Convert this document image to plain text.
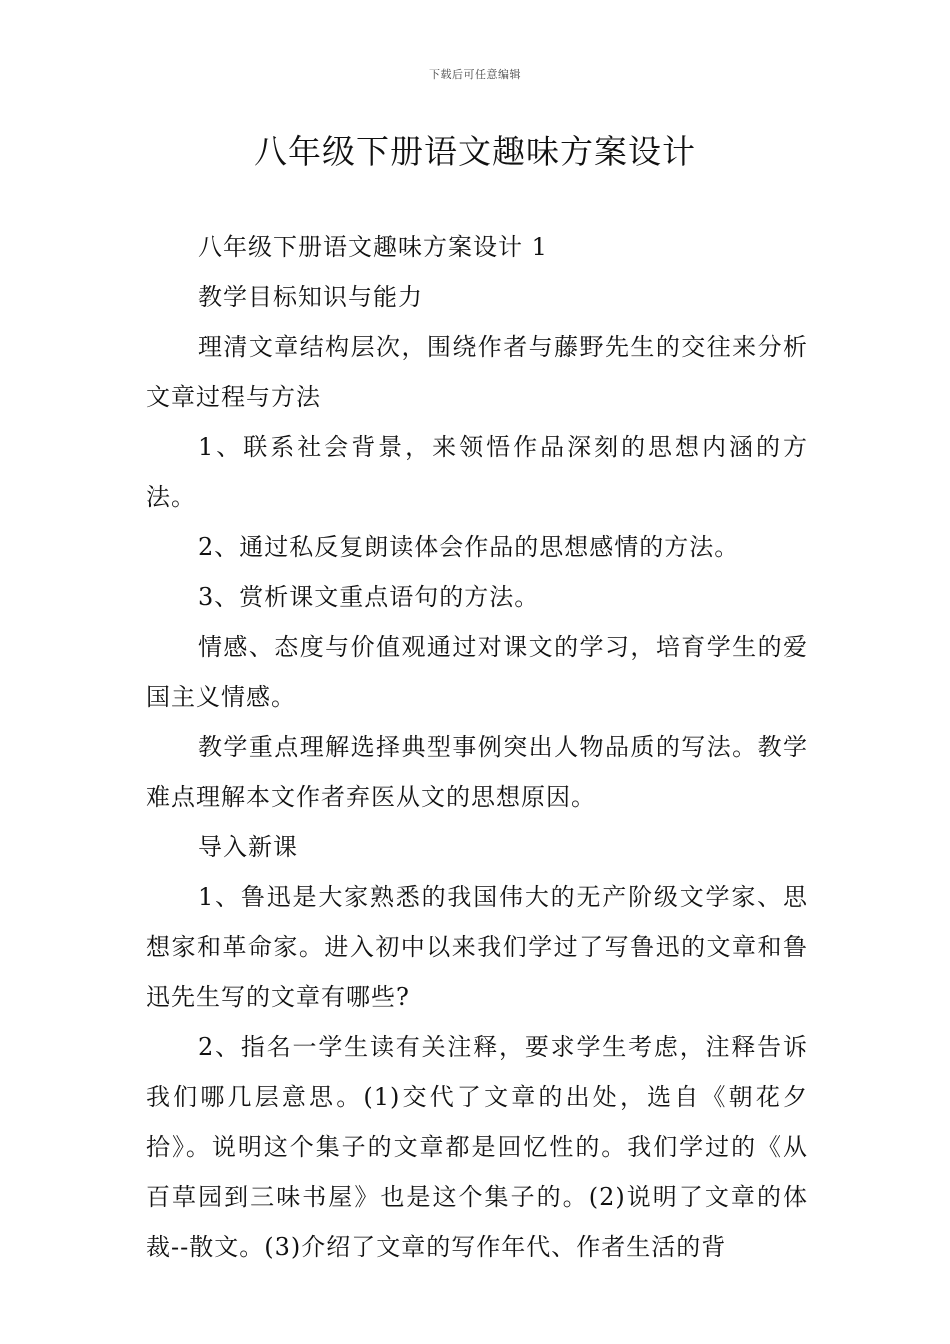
下载后可任意编辑
八年级下册语文趣味方案设计

八年级下册语文趣味方案设计 1

教学目标知识与能力

理清文章结构层次，围绕作者与藤野先生的交往来分析文章过程与方法

1、联系社会背景，来领悟作品深刻的思想内涵的方法。

2、通过私反复朗读体会作品的思想感情的方法。

3、赏析课文重点语句的方法。

情感、态度与价值观通过对课文的学习，培育学生的爱国主义情感。

教学重点理解选择典型事例突出人物品质的写法。教学难点理解本文作者弃医从文的思想原因。

导入新课

1、鲁迅是大家熟悉的我国伟大的无产阶级文学家、思想家和革命家。进入初中以来我们学过了写鲁迅的文章和鲁迅先生写的文章有哪些?

2、指名一学生读有关注释，要求学生考虑，注释告诉我们哪几层意思。(1)交代了文章的出处，选自《朝花夕拾》。说明这个集子的文章都是回忆性的。我们学过的《从百草园到三味书屋》也是这个集子的。(2)说明了文章的体裁--散文。(3)介绍了文章的写作年代、作者生活的背
